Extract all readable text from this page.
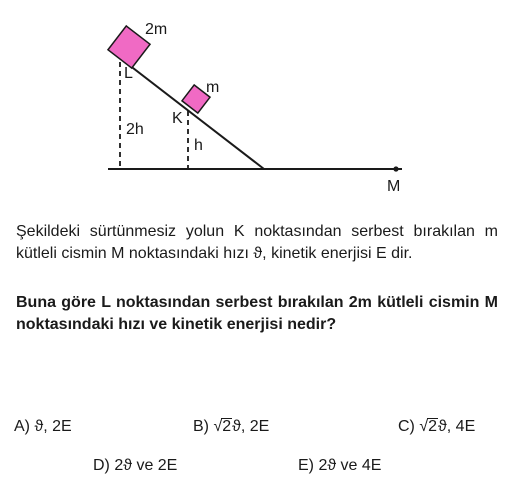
2m
m
L
K
2h
h
M

Şekildeki sürtünmesiz yolun K noktasından serbest bırakılan m kütleli cismin M noktasındaki hızı ϑ, kinetik enerjisi E dir.

Buna göre L noktasından serbest bırakılan 2m kütleli cismin M noktasındaki hızı ve kinetik enerjisi nedir?

A) ϑ, 2E	B) √2ϑ, 2E	C) √2ϑ, 4E
D) 2ϑ ve 2E	E) 2ϑ ve 4E
